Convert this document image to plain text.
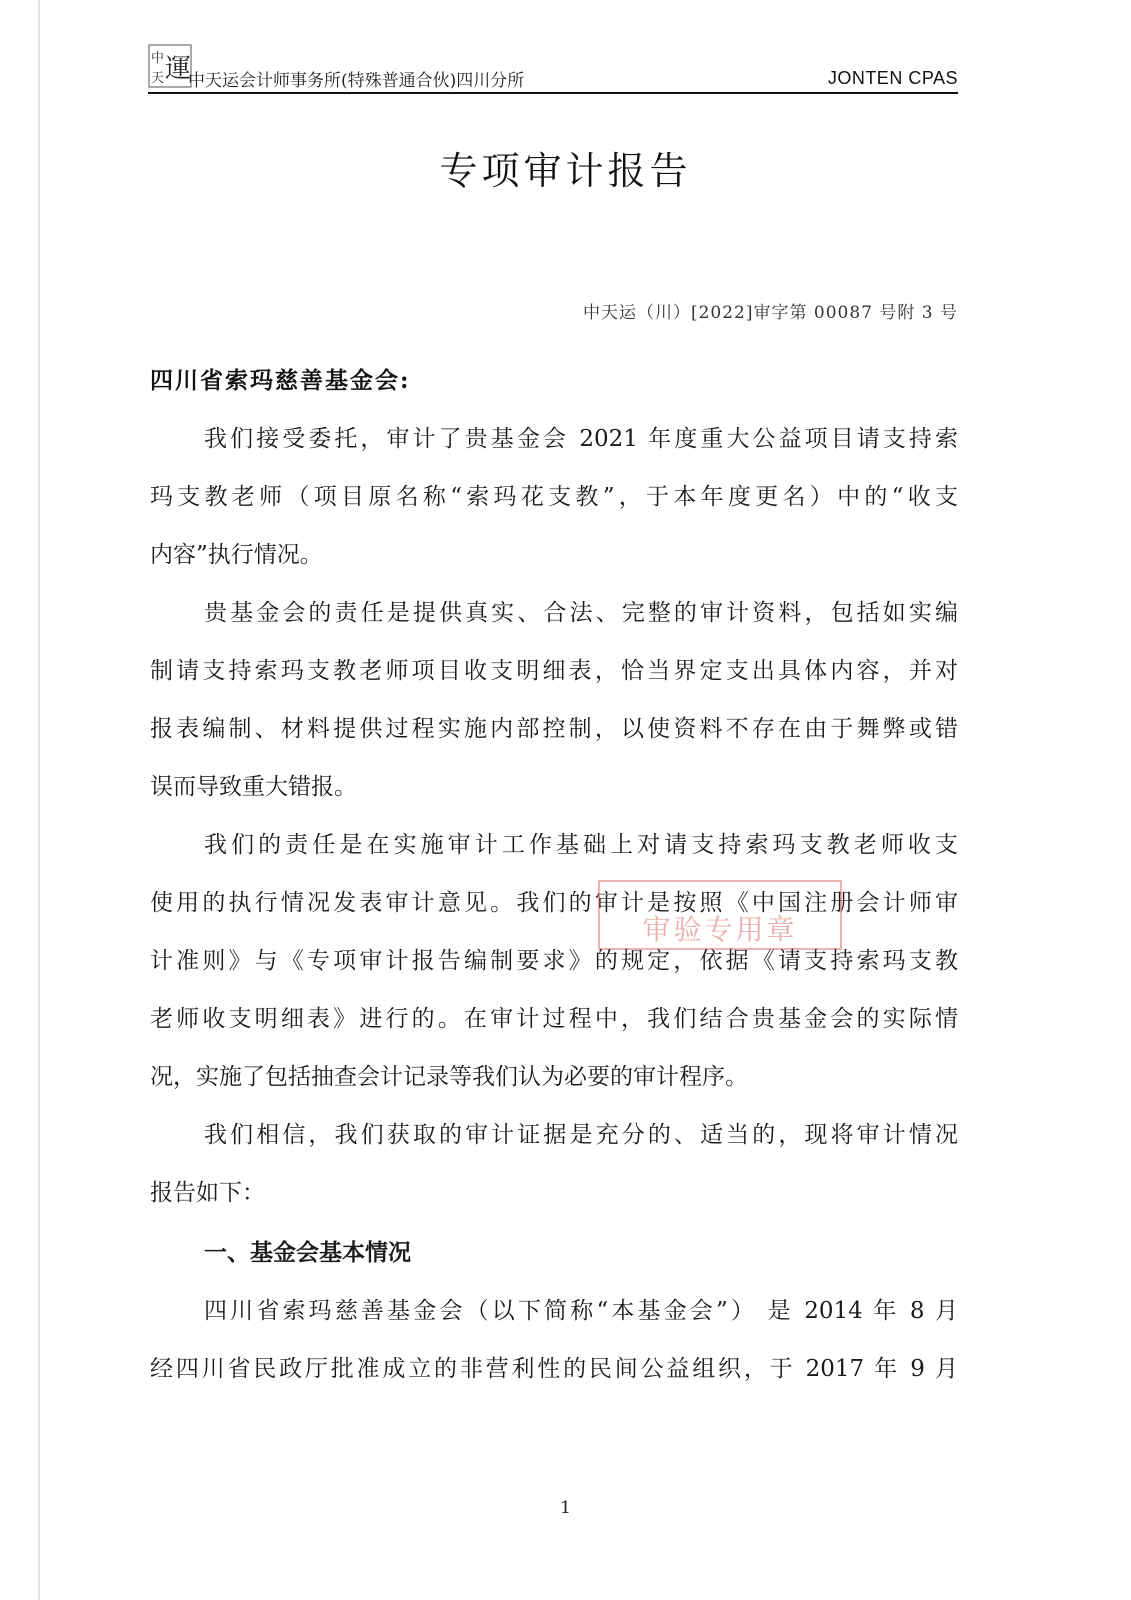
中
天 運
中天运会计师事务所(特殊普通合伙)四川分所	JONTEN CPAS
专项审计报告
中天运（川）[2022]审字第 00087 号附 3 号
四川省索玛慈善基金会:
我们接受委托，审计了贵基金会 2021 年度重大公益项目请支持索
玛支教老师（项目原名称“索玛花支教”，于本年度更名）中的“收支
内容”执行情况。
贵基金会的责任是提供真实、合法、完整的审计资料，包括如实编
制请支持索玛支教老师项目收支明细表，恰当界定支出具体内容，并对
报表编制、材料提供过程实施内部控制，以使资料不存在由于舞弊或错
误而导致重大错报。
我们的责任是在实施审计工作基础上对请支持索玛支教老师收支
使用的执行情况发表审计意见。我们的审计是按照《中国注册会计师审
计准则》与《专项审计报告编制要求》的规定，依据《请支持索玛支教
老师收支明细表》进行的。在审计过程中，我们结合贵基金会的实际情
况，实施了包括抽查会计记录等我们认为必要的审计程序。
我们相信，我们获取的审计证据是充分的、适当的，现将审计情况
报告如下：
一、基金会基本情况
四川省索玛慈善基金会（以下简称“本基金会”） 是 2014 年 8 月
经四川省民政厅批准成立的非营利性的民间公益组织，于 2017 年 9 月
审验专用章
1
